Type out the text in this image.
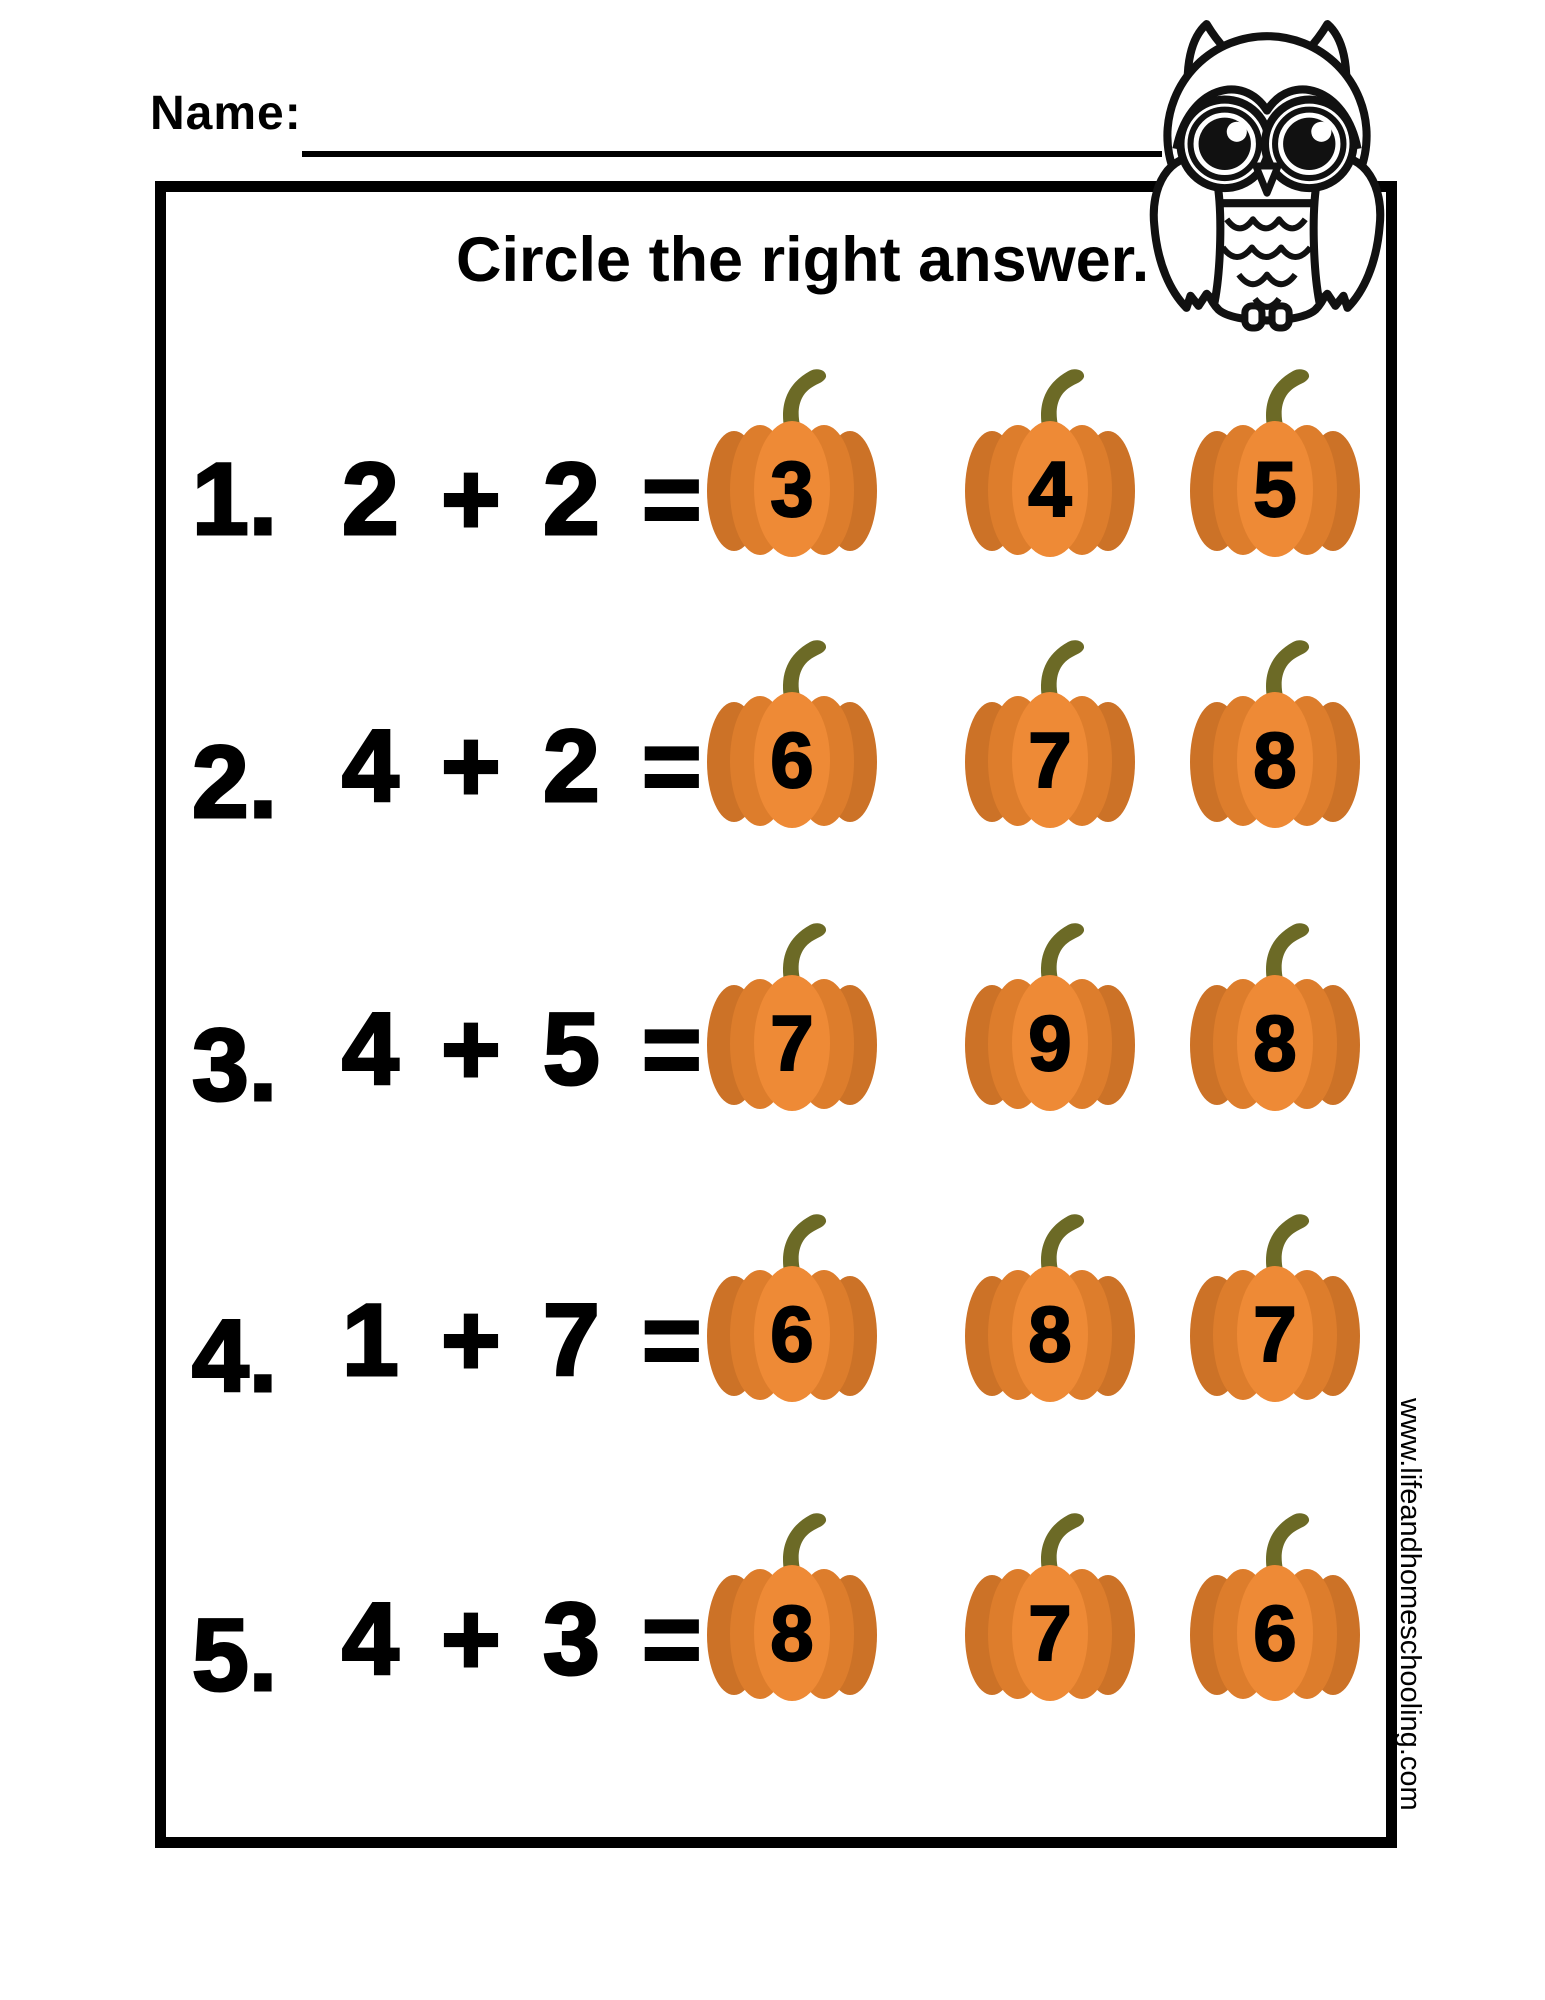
Name:
Circle the right answer.
www.lifeandhomeschooling.com
1. 2 + 2 = 3	4	5
2. 4 + 2 = 6	7	8
3. 4 + 5 = 7	9	8
4. 1 + 7 = 6	8	7
5. 4 + 3 = 8	7	6
